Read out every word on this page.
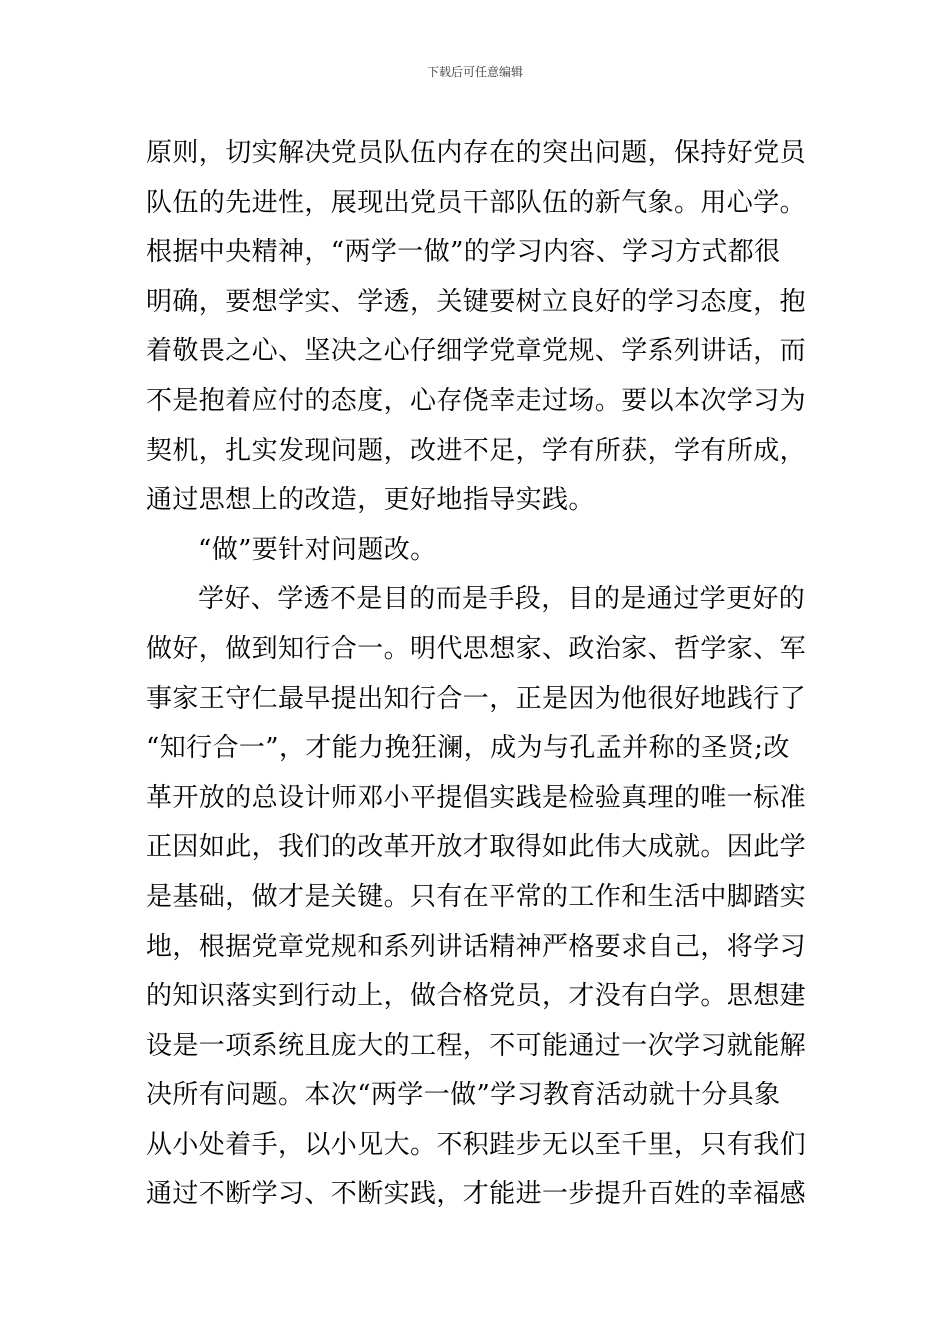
下载后可任意编辑
原则，切实解决党员队伍内存在的突出问题，保持好党员
队伍的先进性，展现出党员干部队伍的新气象。用心学。
根据中央精神，“两学一做”的学习内容、学习方式都很
明确，要想学实、学透，关键要树立良好的学习态度，抱
着敬畏之心、坚决之心仔细学党章党规、学系列讲话，而
不是抱着应付的态度，心存侥幸走过场。要以本次学习为
契机，扎实发现问题，改进不足，学有所获，学有所成，
通过思想上的改造，更好地指导实践。
“做”要针对问题改。
学好、学透不是目的而是手段，目的是通过学更好的
做好，做到知行合一。明代思想家、政治家、哲学家、军
事家王守仁最早提出知行合一，正是因为他很好地践行了
“知行合一”，才能力挽狂澜，成为与孔孟并称的圣贤;改
革开放的总设计师邓小平提倡实践是检验真理的唯一标准
正因如此，我们的改革开放才取得如此伟大成就。因此学
是基础，做才是关键。只有在平常的工作和生活中脚踏实
地，根据党章党规和系列讲话精神严格要求自己，将学习
的知识落实到行动上，做合格党员，才没有白学。思想建
设是一项系统且庞大的工程，不可能通过一次学习就能解
决所有问题。本次“两学一做”学习教育活动就十分具象
从小处着手，以小见大。不积跬步无以至千里，只有我们
通过不断学习、不断实践，才能进一步提升百姓的幸福感
